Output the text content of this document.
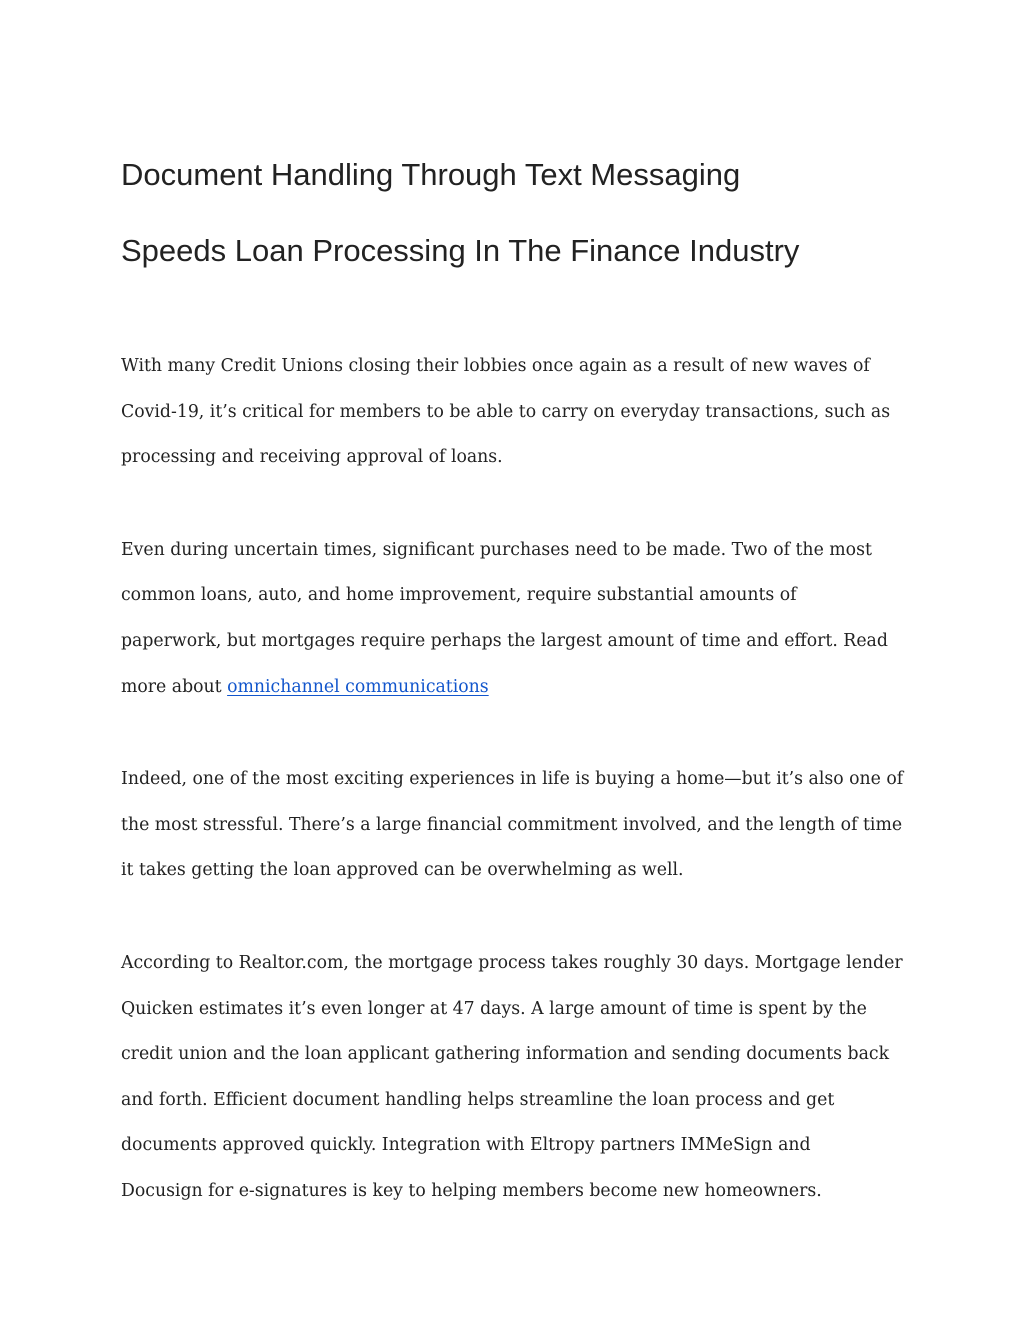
Document Handling Through Text Messaging
Speeds Loan Processing In The Finance Industry

With many Credit Unions closing their lobbies once again as a result of new waves of

Covid-19, it’s critical for members to be able to carry on everyday transactions, such as

processing and receiving approval of loans.

Even during uncertain times, significant purchases need to be made. Two of the most

common loans, auto, and home improvement, require substantial amounts of

paperwork, but mortgages require perhaps the largest amount of time and effort. Read

more about omnichannel communications

Indeed, one of the most exciting experiences in life is buying a home—but it’s also one of

the most stressful. There’s a large financial commitment involved, and the length of time

it takes getting the loan approved can be overwhelming as well.

According to Realtor.com, the mortgage process takes roughly 30 days. Mortgage lender

Quicken estimates it’s even longer at 47 days. A large amount of time is spent by the

credit union and the loan applicant gathering information and sending documents back

and forth. Efficient document handling helps streamline the loan process and get

documents approved quickly. Integration with Eltropy partners IMMeSign and

Docusign for e-signatures is key to helping members become new homeowners.
